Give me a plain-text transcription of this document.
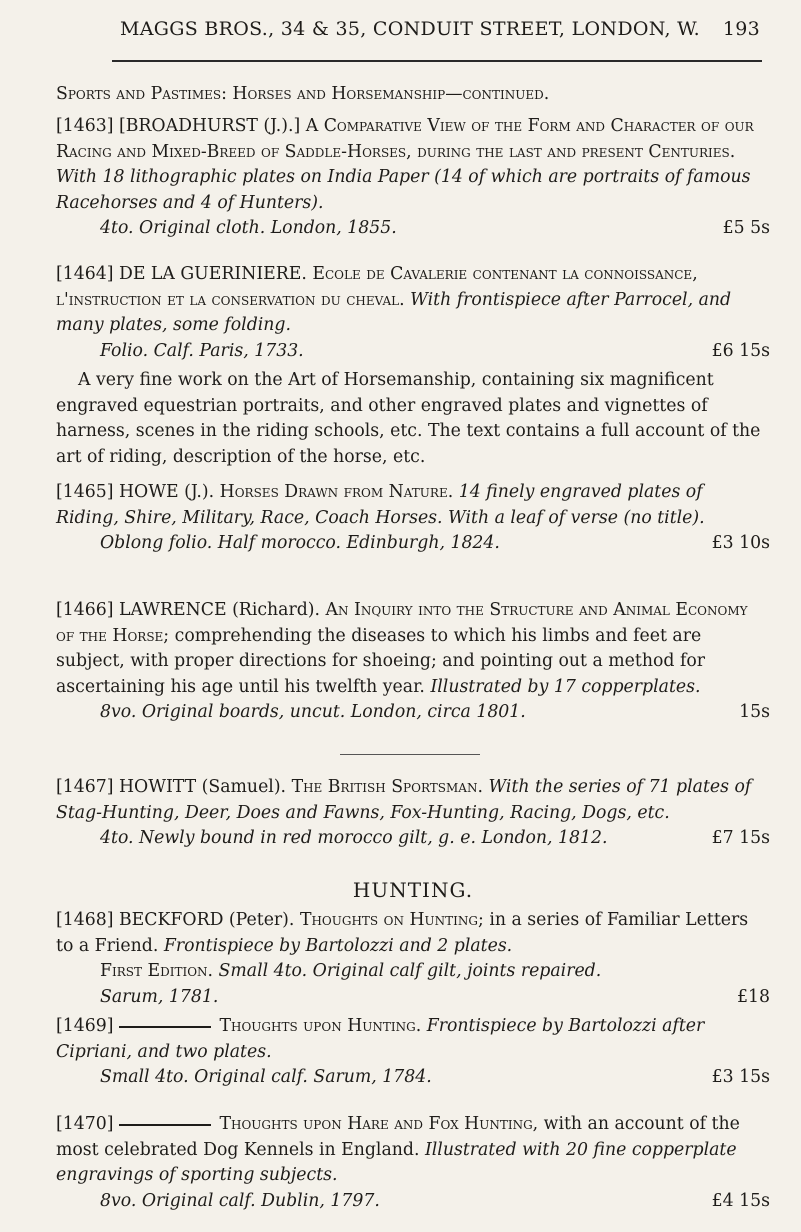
MAGGS BROS., 34 & 35, CONDUIT STREET, LONDON, W. 193

Sports and Pastimes: Horses and Horsemanship—continued.

[1463] [BROADHURST (J.).] A Comparative View of the Form and Character of our Racing and Mixed-Breed of Saddle-Horses, during the last and present Centuries. With 18 lithographic plates on India Paper (14 of which are portraits of famous Racehorses and 4 of Hunters).

4to. Original cloth. London, 1855.	£5 5s

[1464] DE LA GUERINIERE. Ecole de Cavalerie contenant la connoissance, l'instruction et la conservation du cheval. With frontispiece after Parrocel, and many plates, some folding.

Folio. Calf. Paris, 1733.	£6 15s

A very fine work on the Art of Horsemanship, containing six magnificent engraved equestrian portraits, and other engraved plates and vignettes of harness, scenes in the riding schools, etc. The text contains a full account of the art of riding, description of the horse, etc.

[1465] HOWE (J.). Horses Drawn from Nature. 14 finely engraved plates of Riding, Shire, Military, Race, Coach Horses. With a leaf of verse (no title).

Oblong folio. Half morocco. Edinburgh, 1824.	£3 10s

[1466] LAWRENCE (Richard). An Inquiry into the Structure and Animal Economy of the Horse; comprehending the diseases to which his limbs and feet are subject, with proper directions for shoeing; and pointing out a method for ascertaining his age until his twelfth year. Illustrated by 17 copperplates.

8vo. Original boards, uncut. London, circa 1801.	15s

[1467] HOWITT (Samuel). The British Sportsman. With the series of 71 plates of Stag-Hunting, Deer, Does and Fawns, Fox-Hunting, Racing, Dogs, etc.

4to. Newly bound in red morocco gilt, g. e. London, 1812.	£7 15s

HUNTING.

[1468] BECKFORD (Peter). Thoughts on Hunting; in a series of Familiar Letters to a Friend. Frontispiece by Bartolozzi and 2 plates.

First Edition. Small 4to. Original calf gilt, joints repaired.

Sarum, 1781.	£18

[1469]	Thoughts upon Hunting. Frontispiece by Bartolozzi after Cipriani, and two plates.

Small 4to. Original calf. Sarum, 1784.	£3 15s

[1470]	Thoughts upon Hare and Fox Hunting, with an account of the most celebrated Dog Kennels in England. Illustrated with 20 fine copperplate engravings of sporting subjects.

8vo. Original calf. Dublin, 1797.	£4 15s
